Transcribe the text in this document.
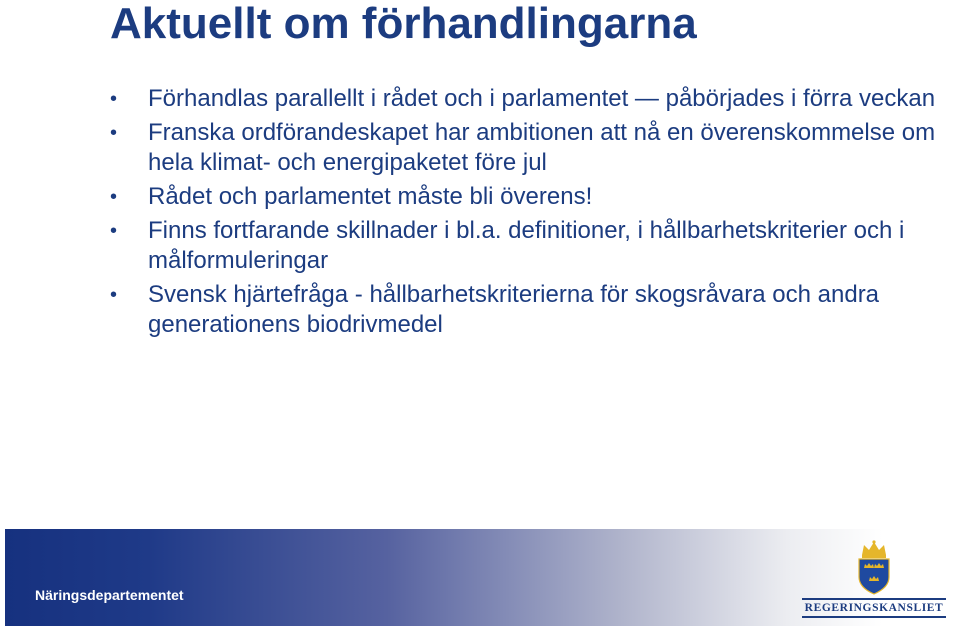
Aktuellt om förhandlingarna
• Förhandlas parallellt i rådet och i parlamentet — påbörjades i förra veckan
• Franska ordförandeskapet har ambitionen att nå en överenskommelse om hela klimat- och energipaketet före jul
• Rådet och parlamentet måste bli överens!
• Finns fortfarande skillnader i bl.a. definitioner, i hållbarhetskriterier och i målformuleringar
• Svensk hjärtefråga - hållbarhetskriterierna för skogsråvara och andra generationens biodrivmedel
Näringsdepartementet
REGERINGSKANSLIET
